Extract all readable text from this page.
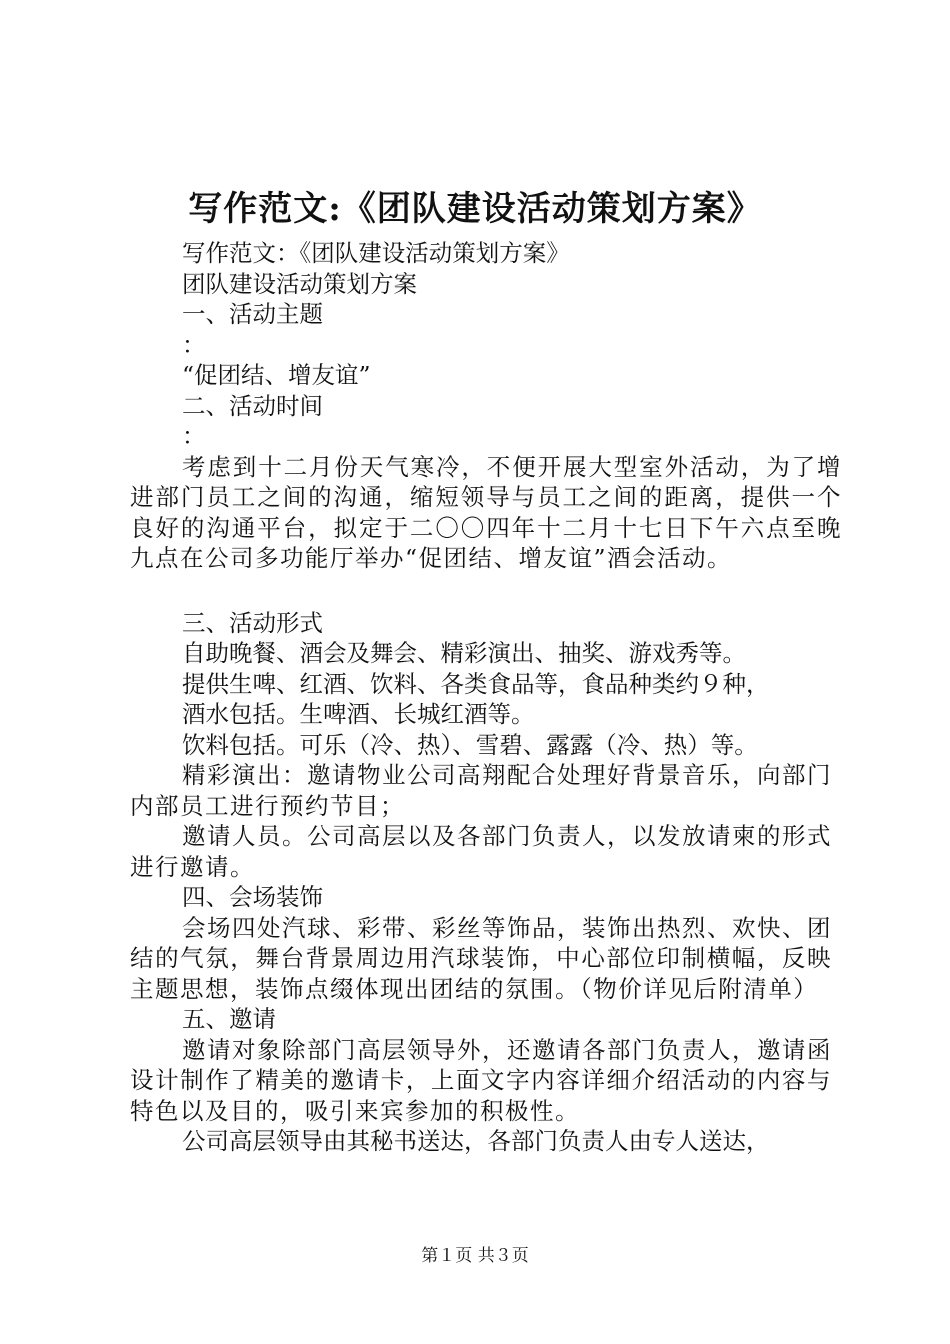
写作范文:《团队建设活动策划方案》
写作范文：《团队建设活动策划方案》
团队建设活动策划方案
一、活动主题
：
“促团结、增友谊”
二、活动时间
：
考虑到十二月份天气寒冷，不便开展大型室外活动，为了增进部门员工之间的沟通，缩短领导与员工之间的距离，提供一个良好的沟通平台，拟定于二〇〇四年十二月十七日下午六点至晚九点在公司多功能厅举办“促团结、增友谊”酒会活动。
三、活动形式
自助晚餐、酒会及舞会、精彩演出、抽奖、游戏秀等。
提供生啤、红酒、饮料、各类食品等，食品种类约９种，
酒水包括。生啤酒、长城红酒等。
饮料包括。可乐（冷、热）、雪碧、露露（冷、热）等。
精彩演出：邀请物业公司高翔配合处理好背景音乐，向部门内部员工进行预约节目；
邀请人员。公司高层以及各部门负责人，以发放请柬的形式进行邀请。
四、会场装饰
会场四处汽球、彩带、彩丝等饰品，装饰出热烈、欢快、团结的气氛，舞台背景周边用汽球装饰，中心部位印制横幅，反映主题思想，装饰点缀体现出团结的氛围。（物价详见后附清单）
五、邀请
邀请对象除部门高层领导外，还邀请各部门负责人，邀请函设计制作了精美的邀请卡，上面文字内容详细介绍活动的内容与特色以及目的，吸引来宾参加的积极性。
公司高层领导由其秘书送达，各部门负责人由专人送达，
第１页 共３页
